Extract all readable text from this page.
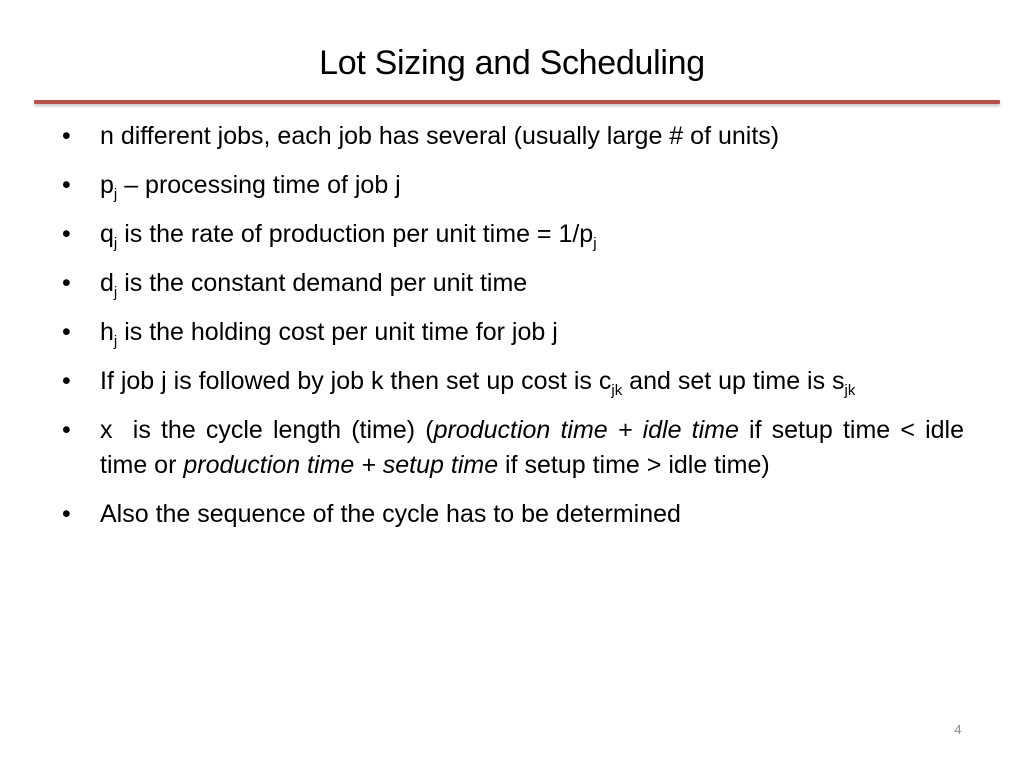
Lot Sizing and Scheduling
• n different jobs, each job has several (usually large # of units)
• $p_j$ – processing time of job j
• $q_j$ is the rate of production per unit time = $1/p_j$
• $d_j$ is the constant demand per unit time
• $h_j$ is the holding cost per unit time for job j
• If job j is followed by job k then set up cost is $c_{jk}$ and set up time is $s_{jk}$
• x  is the cycle length (time) (production time + idle time if setup time < idle time or production time + setup time if setup time > idle time)
• Also the sequence of the cycle has to be determined
4
